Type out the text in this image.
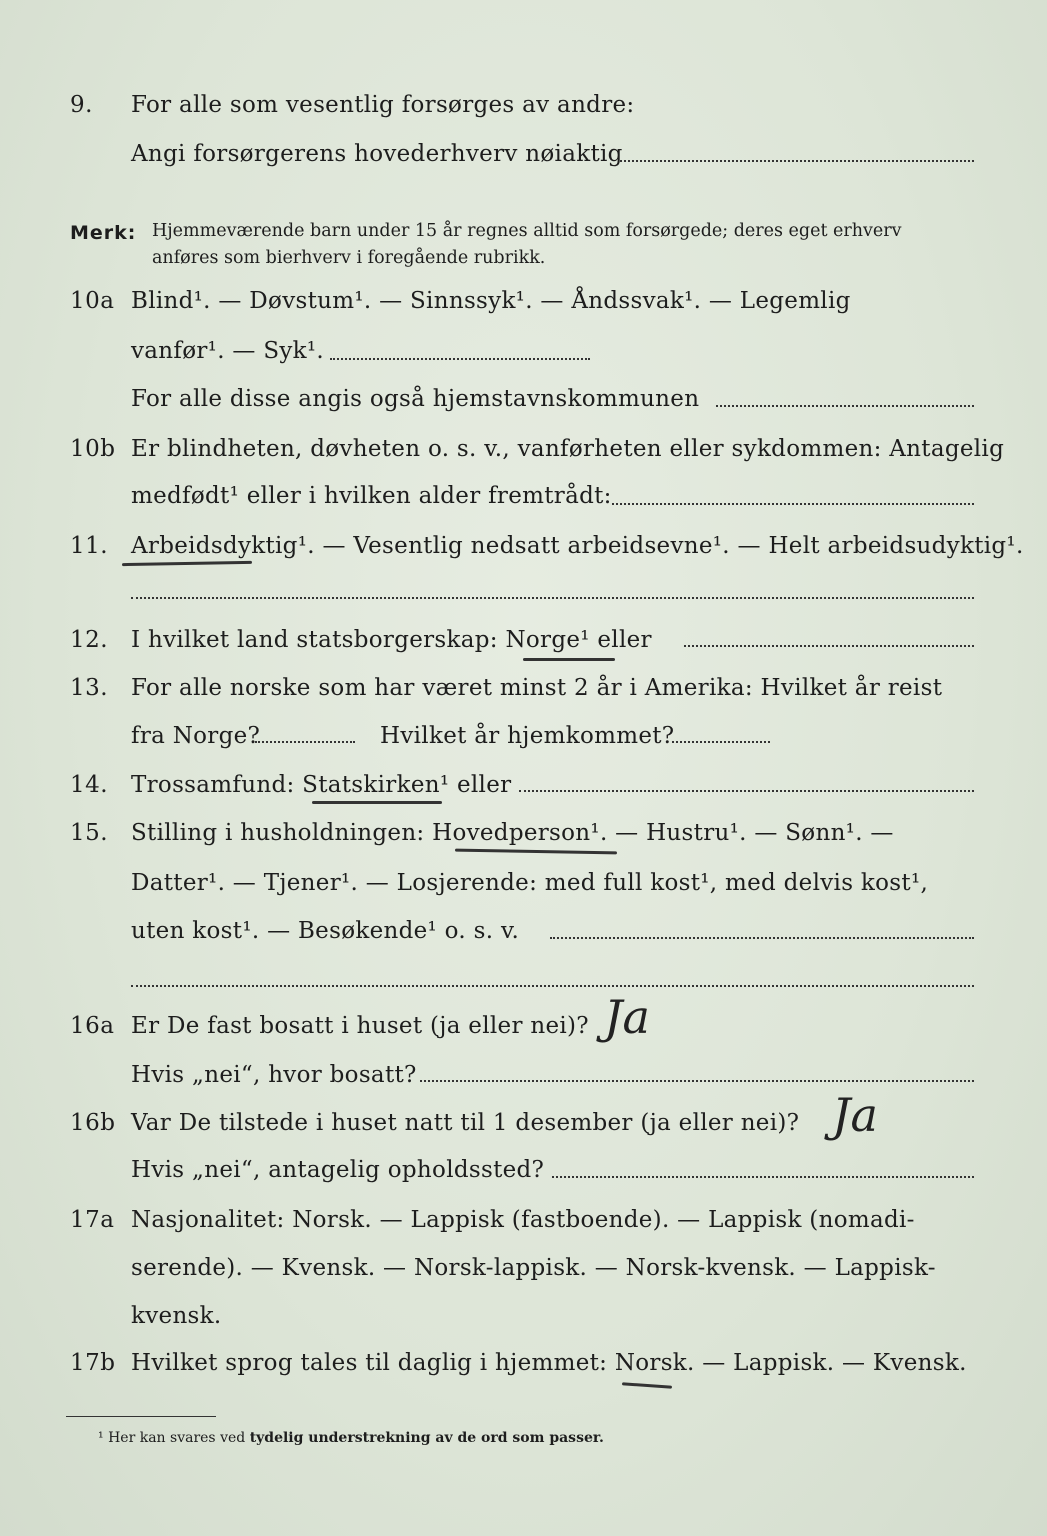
9.	For alle som vesentlig forsørges av andre:
Angi forsørgerens hovederhverv nøiaktig
Merk: Hjemmeværende barn under 15 år regnes alltid som forsørgede; deres eget erhverv
anføres som bierhverv i foregående rubrikk.
10a Blind¹. — Døvstum¹. — Sinnssyk¹. — Åndssvak¹. — Legemlig
vanfør¹. — Syk¹.
For alle disse angis også hjemstavnskommunen
10b Er blindheten, døvheten o. s. v., vanførheten eller sykdommen: Antagelig
medfødt¹ eller i hvilken alder fremtrådt:
11. Arbeidsdyktig¹. — Vesentlig nedsatt arbeidsevne¹. — Helt arbeidsudyktig¹.
12. I hvilket land statsborgerskap: Norge¹ eller
13. For alle norske som har været minst 2 år i Amerika: Hvilket år reist
fra Norge?	Hvilket år hjemkommet?
14. Trossamfund: Statskirken¹ eller
15. Stilling i husholdningen: Hovedperson¹. — Hustru¹. — Sønn¹. —
Datter¹. — Tjener¹. — Losjerende: med full kost¹, med delvis kost¹,
uten kost¹. — Besøkende¹ o. s. v.
16a Er De fast bosatt i huset (ja eller nei)? Ja
Hvis „nei“, hvor bosatt?
16b Var De tilstede i huset natt til 1 desember (ja eller nei)? Ja
Hvis „nei“, antagelig opholdssted?
17a Nasjonalitet: Norsk. — Lappisk (fastboende). — Lappisk (nomadi-
serende). — Kvensk. — Norsk-lappisk. — Norsk-kvensk. — Lappisk-
kvensk.
17b Hvilket sprog tales til daglig i hjemmet: Norsk. — Lappisk. — Kvensk.
¹ Her kan svares ved tydelig understrekning av de ord som passer.
